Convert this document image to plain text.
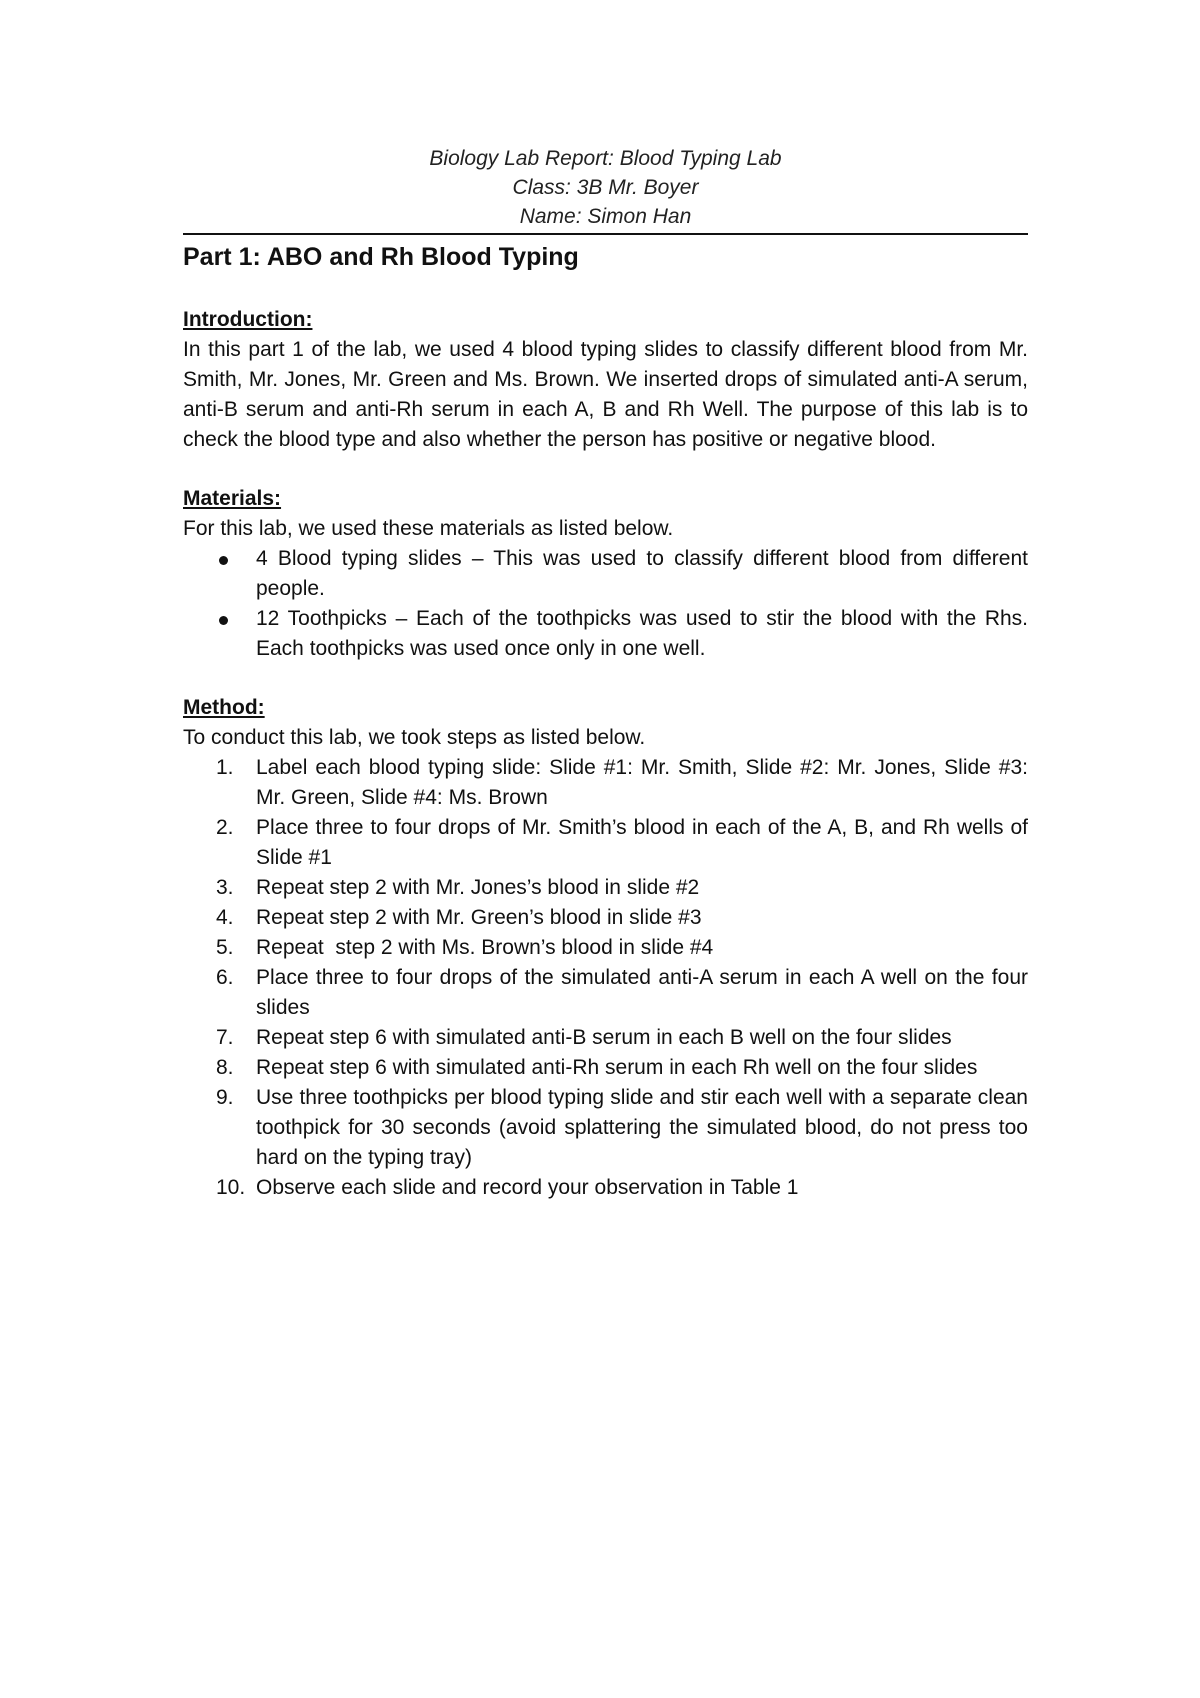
Biology Lab Report: Blood Typing Lab
Class: 3B Mr. Boyer
Name: Simon Han
Part 1: ABO and Rh Blood Typing

Introduction:

In this part 1 of the lab, we used 4 blood typing slides to classify different blood from Mr. Smith, Mr. Jones, Mr. Green and Ms. Brown. We inserted drops of simulated anti-A serum, anti-B serum and anti-Rh serum in each A, B and Rh Well. The purpose of this lab is to check the blood type and also whether the person has positive or negative blood.

Materials:

For this lab, we used these materials as listed below.

4 Blood typing slides – This was used to classify different blood from different people.
12 Toothpicks – Each of the toothpicks was used to stir the blood with the Rhs. Each toothpicks was used once only in one well.

Method:

To conduct this lab, we took steps as listed below.

1.	Label each blood typing slide: Slide #1: Mr. Smith, Slide #2: Mr. Jones, Slide #3: Mr. Green, Slide #4: Ms. Brown
2.	Place three to four drops of Mr. Smith’s blood in each of the A, B, and Rh wells of Slide #1
3.	Repeat step 2 with Mr. Jones’s blood in slide #2
4.	Repeat step 2 with Mr. Green’s blood in slide #3
5.	Repeat  step 2 with Ms. Brown’s blood in slide #4
6.	Place three to four drops of the simulated anti-A serum in each A well on the four slides
7.	Repeat step 6 with simulated anti-B serum in each B well on the four slides
8.	Repeat step 6 with simulated anti-Rh serum in each Rh well on the four slides
9.	Use three toothpicks per blood typing slide and stir each well with a separate clean toothpick for 30 seconds (avoid splattering the simulated blood, do not press too hard on the typing tray)
10. Observe each slide and record your observation in Table 1
